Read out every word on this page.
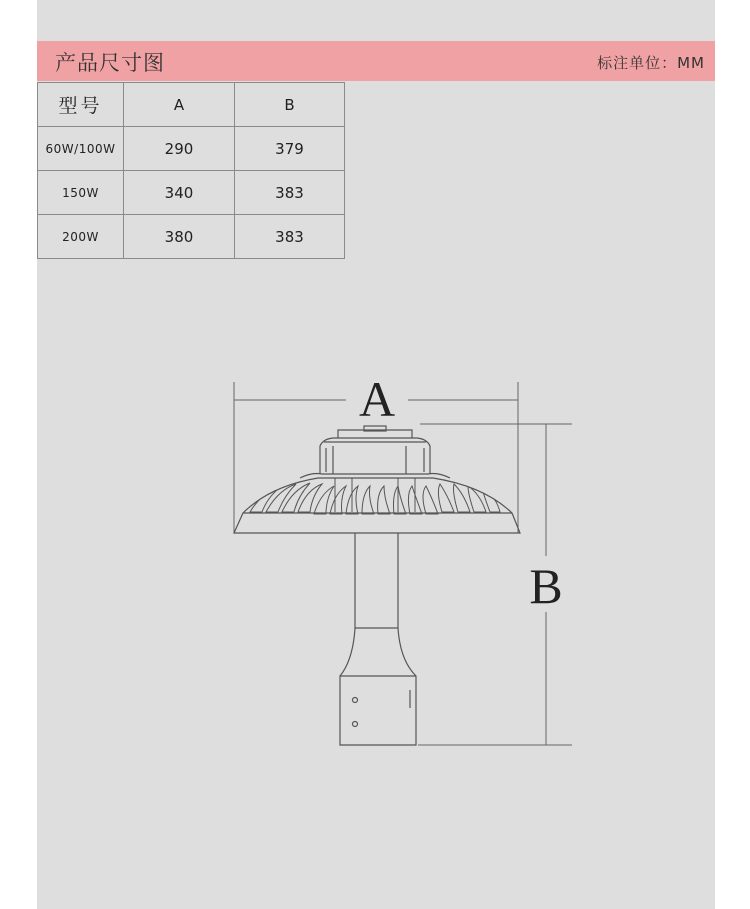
产品尺寸图	标注单位：MM
型号	A	B
60W/100W	290	379
150W	340	383
200W	380	383
A
B
